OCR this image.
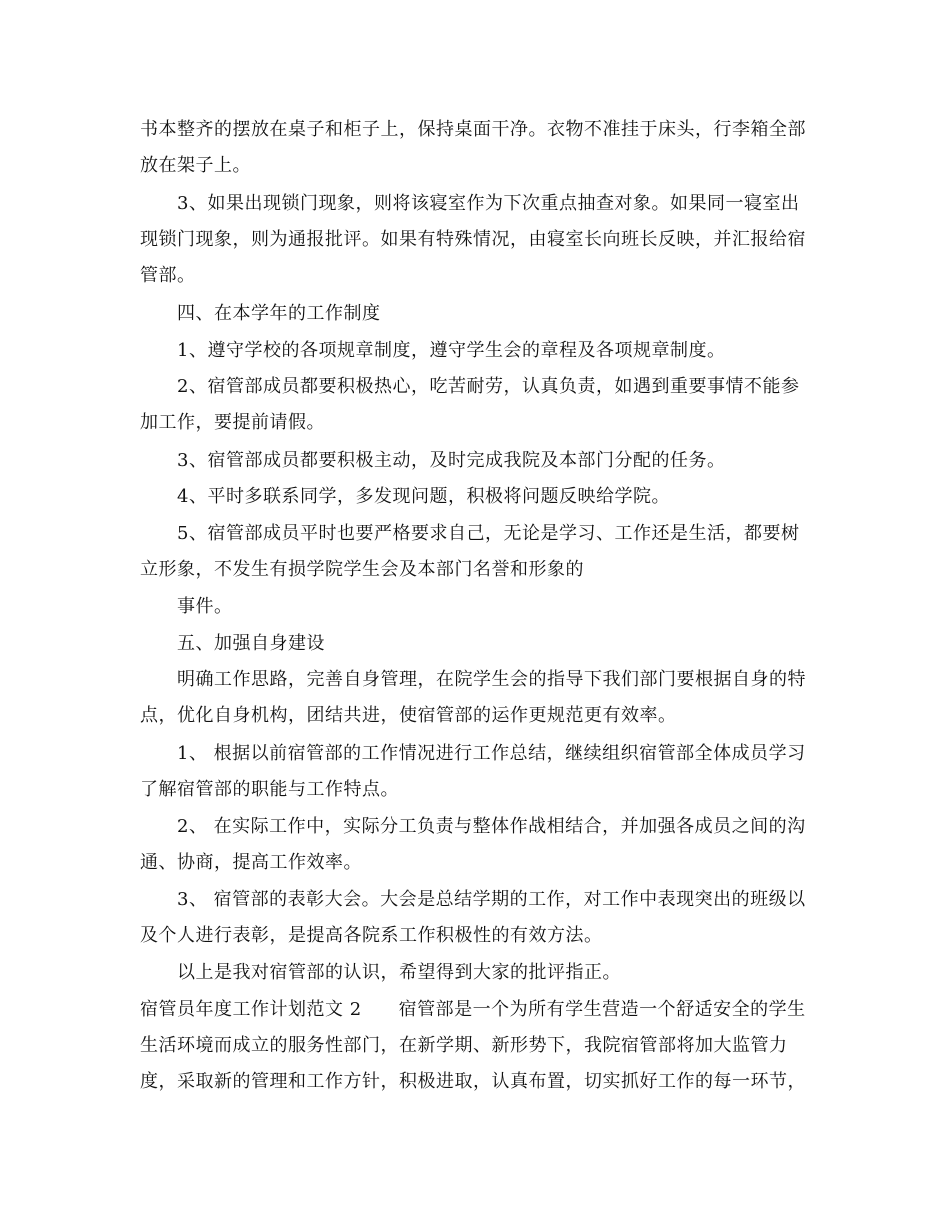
书本整齐的摆放在桌子和柜子上，保持桌面干净。衣物不准挂于床头，行李箱全部
放在架子上。
3、如果出现锁门现象，则将该寝室作为下次重点抽查对象。如果同一寝室出
现锁门现象，则为通报批评。如果有特殊情况，由寝室长向班长反映，并汇报给宿
管部。
四、在本学年的工作制度
1、遵守学校的各项规章制度，遵守学生会的章程及各项规章制度。
2、宿管部成员都要积极热心，吃苦耐劳，认真负责，如遇到重要事情不能参
加工作，要提前请假。
3、宿管部成员都要积极主动，及时完成我院及本部门分配的任务。
4、平时多联系同学，多发现问题，积极将问题反映给学院。
5、宿管部成员平时也要严格要求自己，无论是学习、工作还是生活，都要树
立形象，不发生有损学院学生会及本部门名誉和形象的
事件。
五、加强自身建设
明确工作思路，完善自身管理，在院学生会的指导下我们部门要根据自身的特
点，优化自身机构，团结共进，使宿管部的运作更规范更有效率。
1、 根据以前宿管部的工作情况进行工作总结，继续组织宿管部全体成员学习
了解宿管部的职能与工作特点。
2、 在实际工作中，实际分工负责与整体作战相结合，并加强各成员之间的沟
通、协商，提高工作效率。
3、 宿管部的表彰大会。大会是总结学期的工作，对工作中表现突出的班级以
及个人进行表彰，是提高各院系工作积极性的有效方法。
以上是我对宿管部的认识，希望得到大家的批评指正。
宿管员年度工作计划范文 2　　宿管部是一个为所有学生营造一个舒适安全的学生
生活环境而成立的服务性部门，在新学期、新形势下，我院宿管部将加大监管力
度，采取新的管理和工作方针，积极进取，认真布置，切实抓好工作的每一环节，
